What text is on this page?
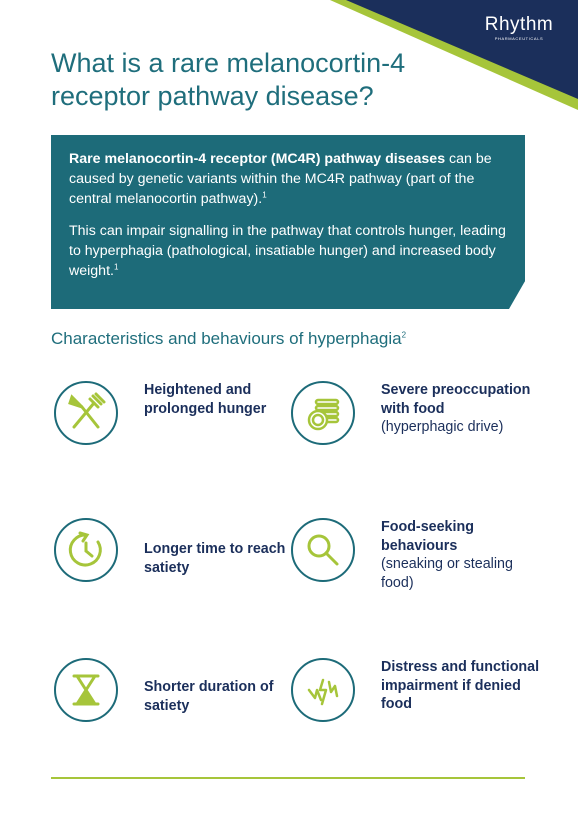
Rhythm
PHARMACEUTICALS
What is a rare melanocortin-4 receptor pathway disease?

Rare melanocortin-4 receptor (MC4R) pathway diseases can be caused by genetic variants within the MC4R pathway (part of the central melanocortin pathway).$^1$

This can impair signalling in the pathway that controls hunger, leading to hyperphagia (pathological, insatiable hunger) and increased body weight.$^1$

Characteristics and behaviours of hyperphagia$^2$
Heightened and prolonged hunger
Severe preoccupation with food
(hyperphagic drive)
Longer time to reach satiety
Food-seeking behaviours
(sneaking or stealing food)
Shorter duration of satiety
Distress and functional impairment if denied food
